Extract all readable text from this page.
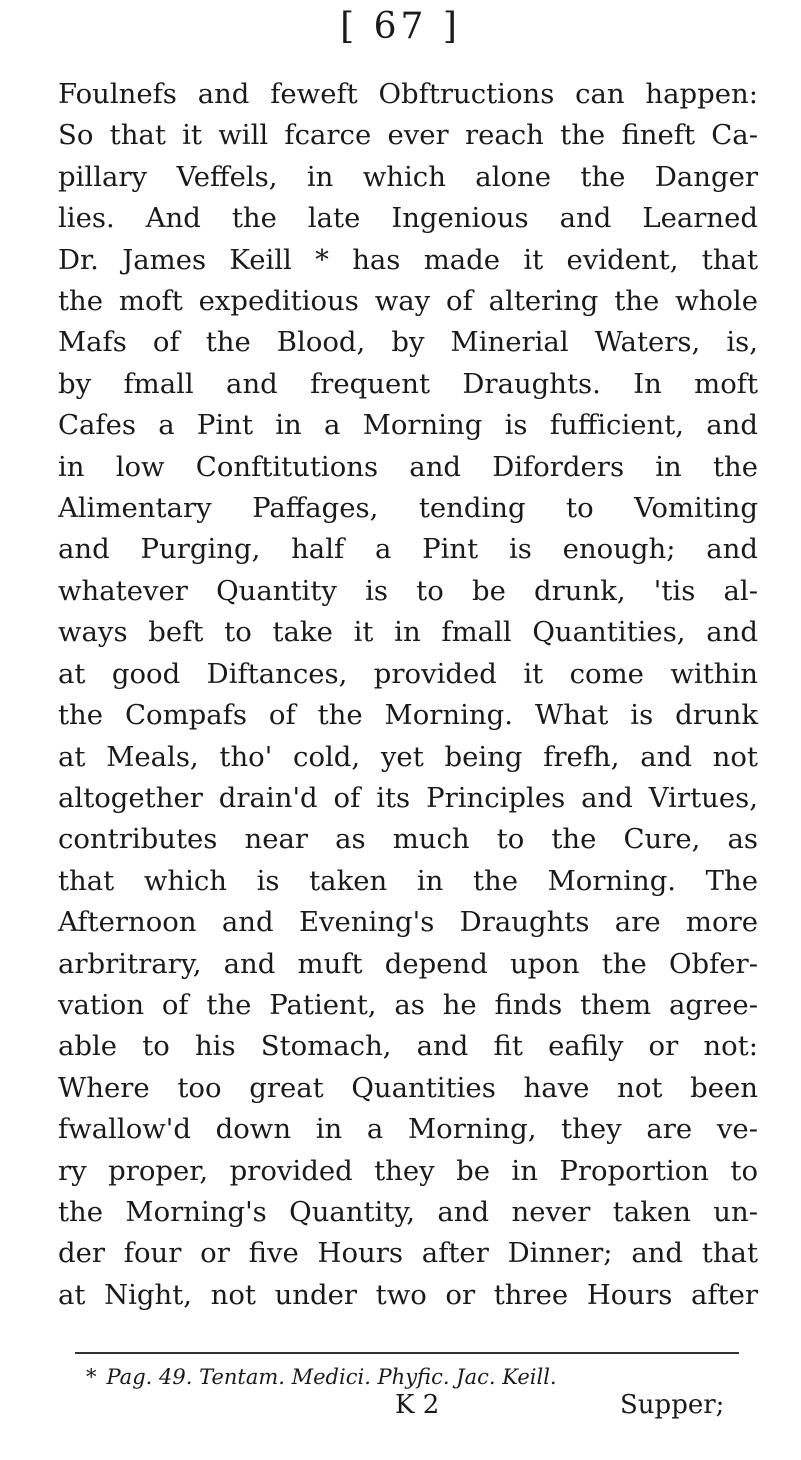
[ 67 ]
Foulnefs and feweft Obftructions can happen:
So that it will fcarce ever reach the fineft Ca-
pillary Veffels, in which alone the Danger
lies. And the late Ingenious and Learned
Dr. James Keill * has made it evident, that
the moft expeditious way of altering the whole
Mafs of the Blood, by Minerial Waters, is,
by fmall and frequent Draughts. In moft
Cafes a Pint in a Morning is fufficient, and
in low Conftitutions and Diforders in the
Alimentary Paffages, tending to Vomiting
and Purging, half a Pint is enough; and
whatever Quantity is to be drunk, 'tis al-
ways beft to take it in fmall Quantities, and
at good Diftances, provided it come within
the Compafs of the Morning. What is drunk
at Meals, tho' cold, yet being frefh, and not
altogether drain'd of its Principles and Virtues,
contributes near as much to the Cure, as
that which is taken in the Morning. The
Afternoon and Evening's Draughts are more
arbritrary, and muft depend upon the Obfer-
vation of the Patient, as he finds them agree-
able to his Stomach, and fit eafily or not:
Where too great Quantities have not been
fwallow'd down in a Morning, they are ve-
ry proper, provided they be in Proportion to
the Morning's Quantity, and never taken un-
der four or five Hours after Dinner; and that
at Night, not under two or three Hours after
* Pag. 49. Tentam. Medici. Phyfic. Jac. Keill.
K 2	Supper;
